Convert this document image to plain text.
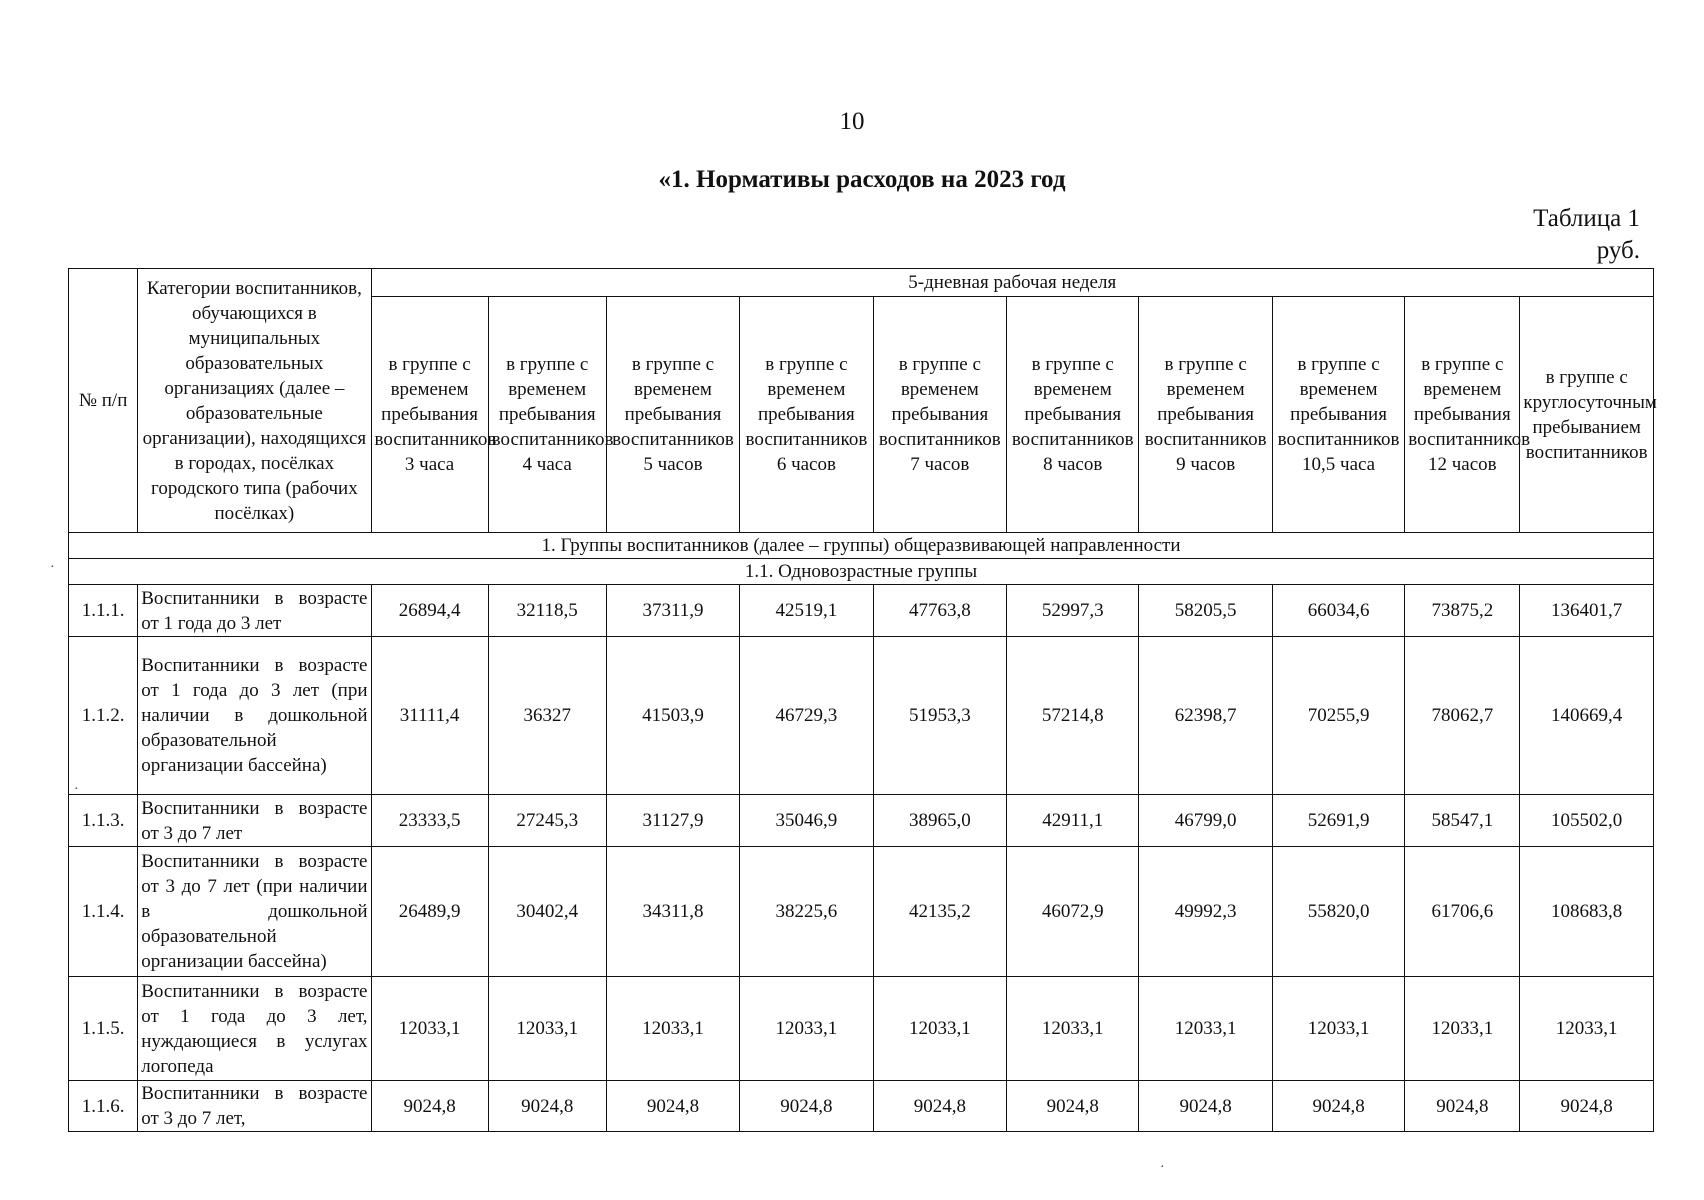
10
«1. Нормативы расходов на 2023 год
Таблица 1
руб.
№ п/п	Категории воспитанников, обучающихся в муниципальных образовательных организациях (далее – образовательные организации), находящихся в городах, посёлках городского типа (рабочих посёлках)	5-дневная рабочая неделя									
		в группе с временем пребывания воспитанников 3 часа	в группе с временем пребывания воспитанников 4 часа	в группе с временем пребывания воспитанников 5 часов	в группе с временем пребывания воспитанников 6 часов	в группе с временем пребывания воспитанников 7 часов	в группе с временем пребывания воспитанников 8 часов	в группе с временем пребывания воспитанников 9 часов	в группе с временем пребывания воспитанников 10,5 часа	в группе с временем пребывания воспитанников 12 часов	в группе с круглосуточным пребыванием воспитанников
1. Группы воспитанников (далее – группы) общеразвивающей направленности											
1.1. Одновозрастные группы											
1.1.1.	Воспитанники в возрасте от 1 года до 3 лет	26894,4	32118,5	37311,9	42519,1	47763,8	52997,3	58205,5	66034,6	73875,2	136401,7
1.1.2.	Воспитанники в возрасте от 1 года до 3 лет (при наличии в дошкольной образовательной организации бассейна)	31111,4	36327	41503,9	46729,3	51953,3	57214,8	62398,7	70255,9	78062,7	140669,4
1.1.3.	Воспитанники в возрасте от 3 до 7 лет	23333,5	27245,3	31127,9	35046,9	38965,0	42911,1	46799,0	52691,9	58547,1	105502,0
1.1.4.	Воспитанники в возрасте от 3 до 7 лет (при наличии в дошкольной образовательной организации бассейна)	26489,9	30402,4	34311,8	38225,6	42135,2	46072,9	49992,3	55820,0	61706,6	108683,8
1.1.5.	Воспитанники в возрасте от 1 года до 3 лет, нуждающиеся в услугах логопеда	12033,1	12033,1	12033,1	12033,1	12033,1	12033,1	12033,1	12033,1	12033,1	12033,1
1.1.6.	Воспитанники в возрасте от 3 до 7 лет,	9024,8	9024,8	9024,8	9024,8	9024,8	9024,8	9024,8	9024,8	9024,8	9024,8
·
·
·
